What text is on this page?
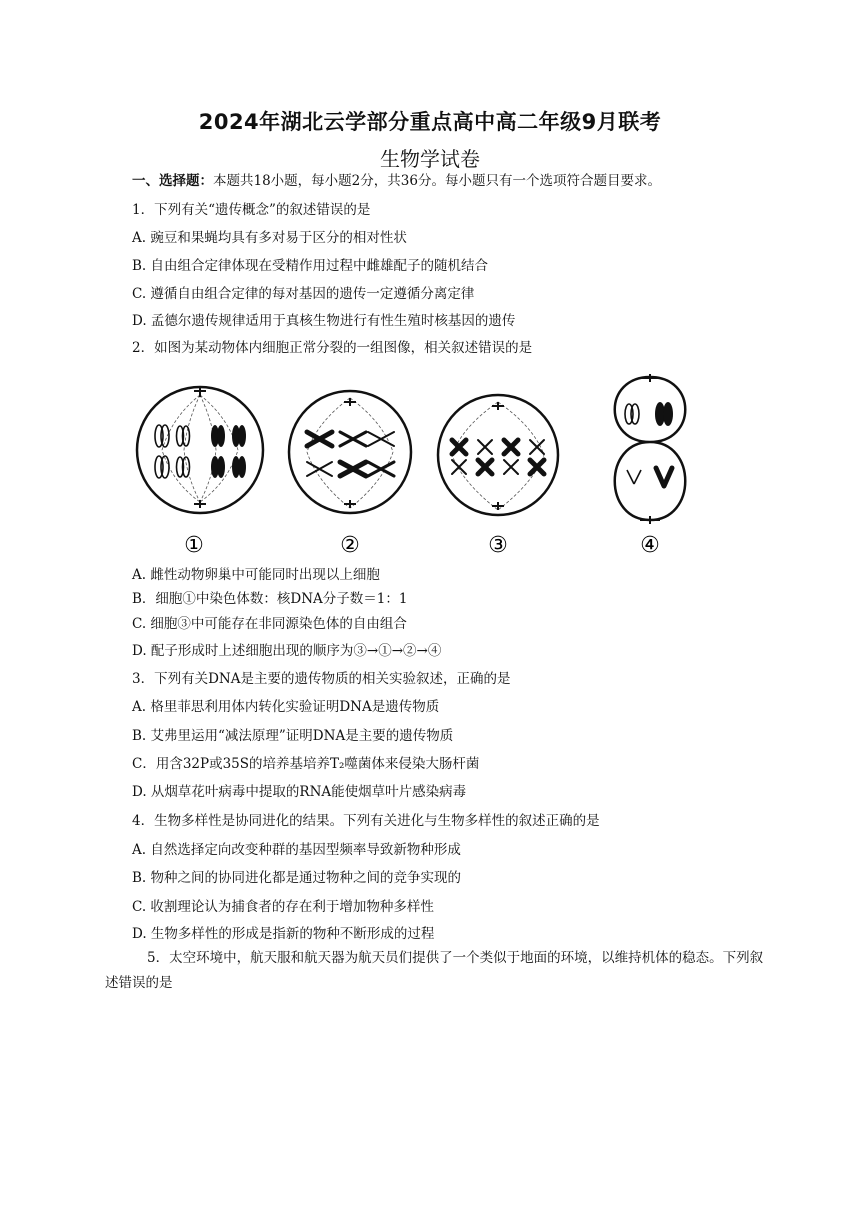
2024年湖北云学部分重点高中高二年级9月联考
生物学试卷
一、选择题：本题共18小题，每小题2分，共36分。每小题只有一个选项符合题目要求。
1．下列有关“遗传概念”的叙述错误的是
A. 豌豆和果蝇均具有多对易于区分的相对性状
B. 自由组合定律体现在受精作用过程中雌雄配子的随机结合
C. 遵循自由组合定律的每对基因的遗传一定遵循分离定律
D. 孟德尔遗传规律适用于真核生物进行有性生殖时核基因的遗传
2．如图为某动物体内细胞正常分裂的一组图像，相关叙述错误的是
①	②	③	④
A. 雌性动物卵巢中可能同时出现以上细胞
B．细胞①中染色体数：核DNA分子数＝1：1
C. 细胞③中可能存在非同源染色体的自由组合
D. 配子形成时上述细胞出现的顺序为③→①→②→④
3．下列有关DNA是主要的遗传物质的相关实验叙述，正确的是
A. 格里菲思利用体内转化实验证明DNA是遗传物质
B. 艾弗里运用“减法原理”证明DNA是主要的遗传物质
C．用含32P或35S的培养基培养T₂噬菌体来侵染大肠杆菌
D. 从烟草花叶病毒中提取的RNA能使烟草叶片感染病毒
4．生物多样性是协同进化的结果。下列有关进化与生物多样性的叙述正确的是
A. 自然选择定向改变种群的基因型频率导致新物种形成
B. 物种之间的协同进化都是通过物种之间的竞争实现的
C. 收割理论认为捕食者的存在利于增加物种多样性
D. 生物多样性的形成是指新的物种不断形成的过程
5．太空环境中，航天服和航天器为航天员们提供了一个类似于地面的环境，以维持机体的稳态。下列叙
述错误的是
